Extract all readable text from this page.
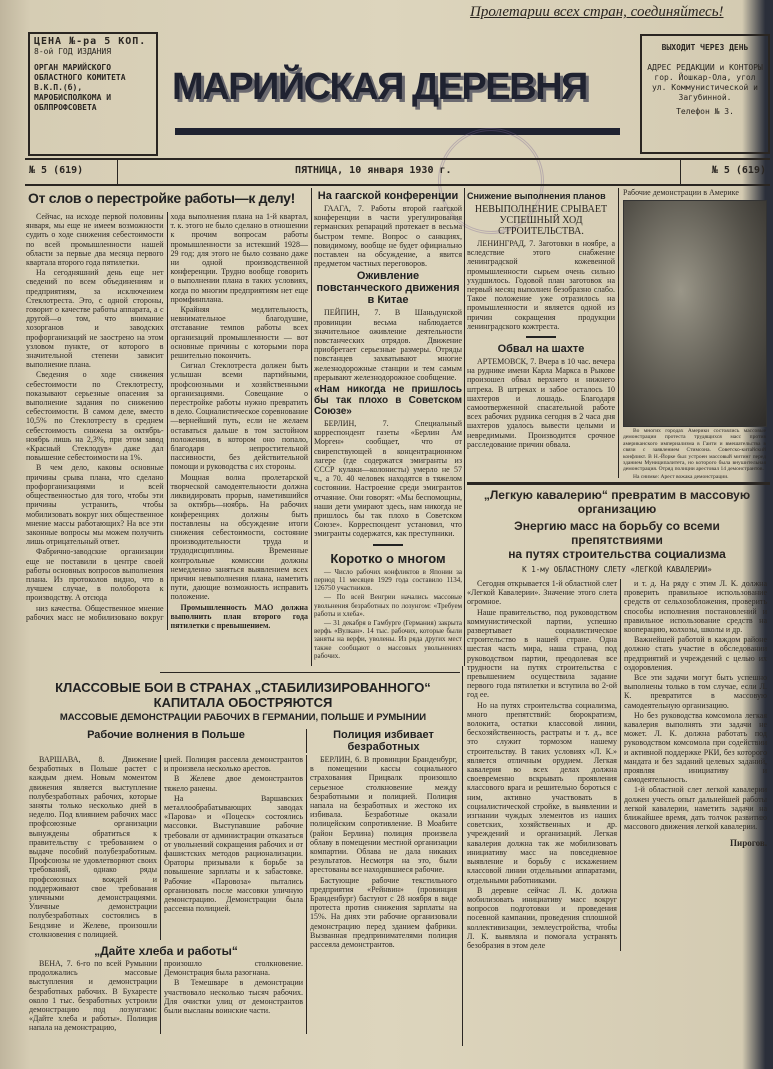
Пролетарии всех стран, соединяйтесь!
ЦЕНА №-ра 5 КОП.
8-ой ГОД ИЗДАНИЯ
ОРГАН МАРИЙСКОГО ОБЛАСТНОГО КОМИТЕТА В.К.П.(б), МАРОБИСПОЛКОМА И ОБЛПРОФСОВЕТА	МАРИЙСКАЯ ДЕРЕВНЯ
ВЫХОДИТ ЧЕРЕЗ ДЕНЬ
АДРЕС РЕДАКЦИИ и КОНТОРЫ гор. Йошкар-Ола, угол ул. Коммунистической и Загубинной.
Телефон № 3.
№ 5 (619)	ПЯТНИЦА, 10 января 1930 г.	№ 5 (619)
От слов о перестройке работы—к делу!

Сейчас, на исходе первой половины января, мы еще не имеем возможности судить о ходе снижения себестоимости по всей промышленности нашей области за первые два месяца первого квартала второго года пятилетки.

На сегодняшний день еще нет сведений по всем объединениям и предприятиям, за исключением Стеклотреста. Это, с одной стороны, говорит о качестве работы аппарата, а с другой—о том, что внимание хозорганов и заводских профорганизаций не заострено на этом узловом пункте, от которого в значительной степени зависит выполнение плана.

Сведения о ходе снижения себестоимости по Стеклотресту, показывают серьезные опасения за выполнение задания по снижению себестоимости. В самом деле, вместо 10,5% по Стеклотресту в среднем себестоимость снижена за октябрь-ноябрь лишь на 2,3%, при этом завод «Красный Стеклодув» даже дал повышение себестоимости на 1%.

В чем дело, каковы основные причины срыва плана, что сделано профорганизациями и всей общественностью для того, чтобы эти причины устранить, чтобы мобилизовать вокруг них общественное мнение массы работающих? На все эти законные вопросы мы можем получить лишь отрицательный ответ.

Фабрично-заводские организации еще не поставили в центре своей работы основных вопросов выполнения плана. Из протоколов видно, что в лучшем случае, в полоборота к производству. А отсюда

низ качества. Общественное мнение рабочих масс не мобилизовано вокруг хода выполнения плана на 1-й квартал, т. к. этого не было сделано в отношении к прочим вопросам работы промышленности за истекший 1928—29 год; для этого не было созвано даже ни одной производственной конференции. Трудно вообще говорить о выполнении плана в таких условиях, когда по многим предприятиям нет еще промфинплана.

Крайняя медлительность, невнимательное благодушие, отставание темпов работы всех организаций промышленности — вот основные причины с которыми пора решительно покончить.

Сигнал Стеклотреста должен быть услышан всеми партийными, профсоюзными и хозяйственными организациями. Совещание о перестройке работы нужно превратить в дело. Социалистическое соревнование—вернейший путь, если не желаем оставаться дальше в том застойном положении, в котором оно попало, благодаря непростительной пассивности, без действительной помощи и руководства с их стороны.

Мощная волна пролетарской творческой самодеятельности должна ликвидировать прорыв, наметившийся за октябрь—ноябрь. На рабочих конференциях должны быть поставлены на обсуждение итоги снижения себестоимости, состояние производительности труда и трудодисциплины. Временные контрольные комиссии должны немедленно заняться выявлением всех причин невыполнения плана, наметить пути, дающие возможность исправить положение.

Промышленность МАО должна выполнить план второго года пятилетки с превышением.

На гаагской конференции

ГААГА, 7. Работы второй гаагской конференции в части урегулирования германских репараций протекает в весьма быстром темпе. Вопрос о санкциях, повидимому, вообще не будет официально поставлен на обсуждение, а явится предметом частных переговоров.

Оживление повстанческого движения в Китае

ПЕЙПИН, 7. В Шаньдунской провинции весьма наблюдается значительное оживление деятельности повстанческих отрядов. Движение приобретает серьезные размеры. Отряды повстанцев захватывают многие железнодорожные станции и тем самым прерывают железнодорожное сообщение.

«Нам никогда не пришлось бы так плохо в Советском Союзе»

БЕРЛИН, 7. Специальный корреспондент газеты «Берлин Ам Морген» сообщает, что от свирепствующей в концентрационном лагере (где содержатся эмигранты из СССР кулаки—колонисты) умерло не 57 ч., а 70. 40 человек находятся в тяжелом состоянии. Настроение среди эмигрантов отчаяние. Они говорят: «Мы беспомощны, наши дети умирают здесь, нам никогда не пришлось бы так плохо в Советском Союзе». Корреспондент установил, что эмигранты содержатся, как преступники.

Коротко о многом

— Число рабочих конфликтов в Японии за период 11 месяцев 1929 года составило 1134, 126750 участников.

— По всей Венгрии начались массовые увольнения безработных по лозунгом: «Требуем работы и хлеба».

— 31 декабря в Гамбурге (Германия) закрыта верфь «Вулкан». 14 тыс. рабочих, которые были заняты на верфи, уволены. Из ряда других мест также сообщают о массовых увольнениях рабочих.

Снижение выполнения планов
НЕВЫПОЛНЕНИЕ СРЫВАЕТ УСПЕШНЫЙ ХОД СТРОИТЕЛЬСТВА.

ЛЕНИНГРАД, 7. Заготовки в ноябре, а вследствие этого снабжение ленинградской кожевенной промышленности сырьем очень сильно ухудшилось. Годовой план заготовок на первый месяц выполнен безобразно слабо. Такое положение уже отразилось на промышленности и является одной из причин сокращения продукции ленинградского кожтреста.

Обвал на шахте

АРТЕМОВСК, 7. Вчера в 10 час. вечера на руднике имени Карла Маркса в Рыкове произошел обвал верхнего и нижнего штрека. В штреках и забое осталось 10 шахтеров и лошадь. Благодаря самоотверженной спасательной работе всех рабочих рудника сегодня в 2 часа дня шахтеров удалось вывести целыми и невредимыми. Производится срочное расследование причин обвала.

Рабочие демонстрации в Америке

Во многих городах Америки состоялись массовые демонстрации протеста трудящихся масс против американского империализма в Гаити и вмешательства в связи с заявлением Стимсона. Советско-китайский конфликт. В Н.-Йорке был устроен массовый митинг перед зданием Муниципалитета, но которого была внушительная демонстрация. Отряд полиции арестовал 14 демонстрантов.

На снимке: Арест вожака демонстрации.

„Легкую кавалерию“ превратим в массовую организацию
Энергию масс на борьбу со всеми препятствиями
на путях строительства социализма
К 1-му ОБЛАСТНОМУ СЛЕТУ «ЛЕГКОЙ КАВАЛЕРИИ»

Сегодня открывается 1-й областной слет «Легкой Кавалерии». Значение этого слета огромное.

Наше правительство, под руководством коммунистической партии, успешно развертывает социалистическое строительство в нашей стране. Одна шестая часть мира, наша страна, под руководством партии, преодолевая все трудности на путях строительства с превышением осуществила задание первого года пятилетки и вступила во 2-ой год ее.

Но на путях строительства социализма, много препятствий: бюрократизм, волокита, остатки классовой линии, бесхозяйственность, растраты и т. д., все это служит тормозом нашему строительству. В таких условиях «Л. К.» является отличным орудием. Легкая кавалерия во всех делах должна своевременно вскрывать проявления классового врага и решительно бороться с ним, активно участвовать в социалистической стройке, в выявлении и изгнании чуждых элементов из наших советских, хозяйственных и др. учреждений и организаций. Легкая кавалерия должна так же мобилизовать инициативу масс на повседневное выявление и борьбу с искажением классовой линии отдельными аппаратами, отдельными работниками.

В деревне сейчас Л. К. должна мобилизовать инициативу масс вокруг вопросов подготовки и проведения посевной кампании, проведения сплошной коллективизации, землеустройства, чтобы Л. К. выявляла и помогала устранять безобразия в этом деле

и т. д. На ряду с этим Л. К. должна проверить правильное использование средств от сельхозобложения, проверить способы исполнения постановлений и правильное использование средств на кооперацию, колхозы, школы и др.

Важнейшей работой в каждом районе должно стать участие в обследовании предприятий и учреждений с целью их оздоровления.

Все эти задачи могут быть успешно выполнены только в том случае, если Л. К. превратится в массовую самодеятельную организацию.

Но без руководства комсомола легкая кавалерия выполнять эти задачи не может. Л. К. должна работать под руководством комсомола при содействии и активной поддержке РКИ, без которого мандата и без заданий целевых заданий, проявляя инициативу и самодеятельность.

1-й областной слет легкой кавалерии должен учесть опыт дальнейшей работы легкой кавалерии, наметить задачи на ближайшее время, дать толчок развитию массового движения легкой кавалерии.

Пирогов.
КЛАССОВЫЕ БОИ В СТРАНАХ „СТАБИЛИЗИРОВАННОГО“ КАПИТАЛА ОБОСТРЯЮТСЯ
МАССОВЫЕ ДЕМОНСТРАЦИИ РАБОЧИХ В ГЕРМАНИИ, ПОЛЬШЕ И РУМЫНИИ
Рабочие волнения в Польше	Полиция избивает безработных

ВАРШАВА, 8. Движение безработных в Польше растет с каждым днем. Новым моментом движения является выступление полубезработных рабочих, которые заняты только несколько дней в неделю. Под влиянием рабочих масс профсоюзные организации вынуждены обратиться к правительству с требованием о выдаче пособий полубезработным. Профсоюзы не удовлетворяют своих требований, однако ряды профсоюзных вождей и поддерживают свое требования уличными демонстрациями. Уличные демонстрации полубезработных состоялись в Бендзине и Желеве, произошли столкновения с полицией.

цией. Полиция рассеяла демонстрантов и произвела несколько арестов.

В Желеве двое демонстрантов тяжело ранены.

На Варшавских металлообрабатывающих заводах «Парова» и «Поцеск» состоялись массовки. Выступавшие рабочие требовали от администрации отказаться от увольнений сокращения рабочих и от фашистских методов рационализации. Ораторы призывали к борьбе за повышение зарплаты и к забастовке. Рабочие «Паровоза» пытались организовать после массовки уличную демонстрацию. Демонстрации была рассеяна полицией.

„Дайте хлеба и работы“

ВЕНА, 7. 6-го по всей Румынии продолжались массовые выступления и демонстрации безработных рабочих. В Бухаресте около 1 тыс. безработных устроили демонстрацию под лозунгами: «Дайте хлеба и работы». Полиция напала на демонстрацию,

произошло столкновение. Демонстрация была разогнана.

В Темешваре в демонстрации участвовало несколько тысяч рабочих. Для очистки улиц от демонстрантов были высланы воинские части.

БЕРЛИН, 6. В провинции Бранденбург, в помещении кассы социального страхования Прицвалк произошло серьезное столкновение между безработными и полицией. Полиция напала на безработных и жестоко их избивала. Безработные оказали полицейским сопротивление. В Моабите (район Берлина) полиция произвела облаву в помещении местной организации компартии. Облава не дала никаких результатов. Несмотря на это, были арестованы все находившиеся рабочие.

Бастующие рабочие текстильного предприятия «Рейнвин» (провинция Бранденбург) бастуют с 28 ноября в виде протеста против снижения зарплаты на 15%. На днях эти рабочие организовали демонстрацию перед зданием фабрики. Вызванная предпринимателями полиция рассеяла демонстрантов.
